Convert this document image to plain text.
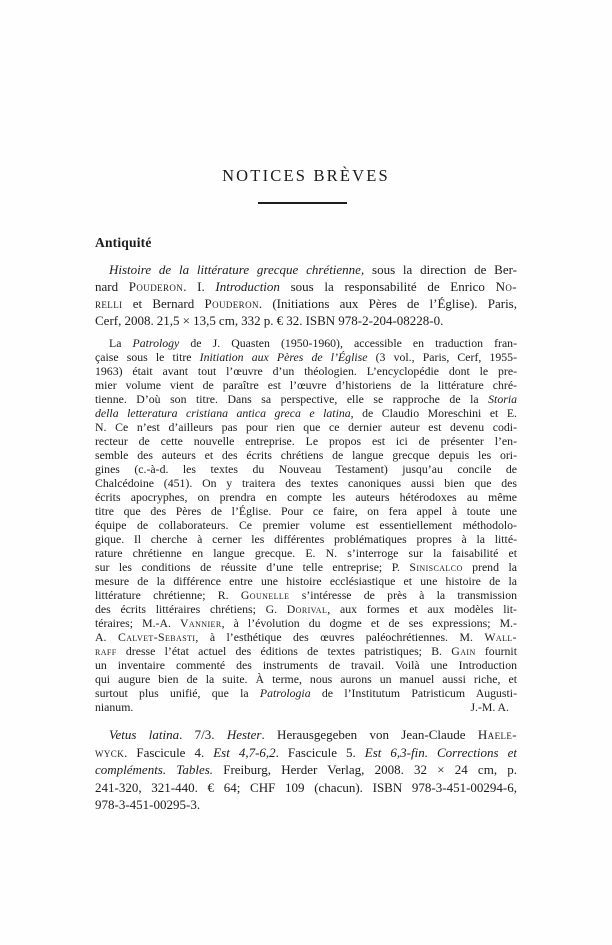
NOTICES BRÈVES
Antiquité
Histoire de la littérature grecque chrétienne, sous la direction de Ber-
nard Pouderon. I. Introduction sous la responsabilité de Enrico No-
relli et Bernard Pouderon. (Initiations aux Pères de l’Église). Paris,
Cerf, 2008. 21,5 × 13,5 cm, 332 p. € 32. ISBN 978-2-204-08228-0.
La Patrology de J. Quasten (1950-1960), accessible en traduction fran-
çaise sous le titre Initiation aux Pères de l’Église (3 vol., Paris, Cerf, 1955-
1963) était avant tout l’œuvre d’un théologien. L’encyclopédie dont le pre-
mier volume vient de paraître est l’œuvre d’historiens de la littérature chré-
tienne. D’où son titre. Dans sa perspective, elle se rapproche de la Storia
della letteratura cristiana antica greca e latina, de Claudio Moreschini et E.
N. Ce n’est d’ailleurs pas pour rien que ce dernier auteur est devenu codi-
recteur de cette nouvelle entreprise. Le propos est ici de présenter l’en-
semble des auteurs et des écrits chrétiens de langue grecque depuis les ori-
gines (c.-à-d. les textes du Nouveau Testament) jusqu’au concile de
Chalcédoine (451). On y traitera des textes canoniques aussi bien que des
écrits apocryphes, on prendra en compte les auteurs hétérodoxes au même
titre que des Pères de l’Église. Pour ce faire, on fera appel à toute une
équipe de collaborateurs. Ce premier volume est essentiellement méthodolo-
gique. Il cherche à cerner les différentes problématiques propres à la litté-
rature chrétienne en langue grecque. E. N. s’interroge sur la faisabilité et
sur les conditions de réussite d’une telle entreprise; P. Siniscalco prend la
mesure de la différence entre une histoire ecclésiastique et une histoire de la
littérature chrétienne; R. Gounelle s’intéresse de près à la transmission
des écrits littéraires chrétiens; G. Dorival, aux formes et aux modèles lit-
téraires; M.-A. Vannier, à l’évolution du dogme et de ses expressions; M.-
A. Calvet-Sebasti, à l’esthétique des œuvres paléochrétiennes. M. Wall-
raff dresse l’état actuel des éditions de textes patristiques; B. Gain fournit
un inventaire commenté des instruments de travail. Voilà une Introduction
qui augure bien de la suite. À terme, nous aurons un manuel aussi riche, et
surtout plus unifié, que la Patrologia de l’Institutum Patristicum Augusti-
nianum.	J.-M. A.
Vetus latina. 7/3. Hester. Herausgegeben von Jean-Claude Haele-
wyck. Fascicule 4. Est 4,7-6,2. Fascicule 5. Est 6,3-fin. Corrections et
compléments. Tables. Freiburg, Herder Verlag, 2008. 32 × 24 cm, p.
241-320, 321-440. € 64; CHF 109 (chacun). ISBN 978-3-451-00294-6,
978-3-451-00295-3.
